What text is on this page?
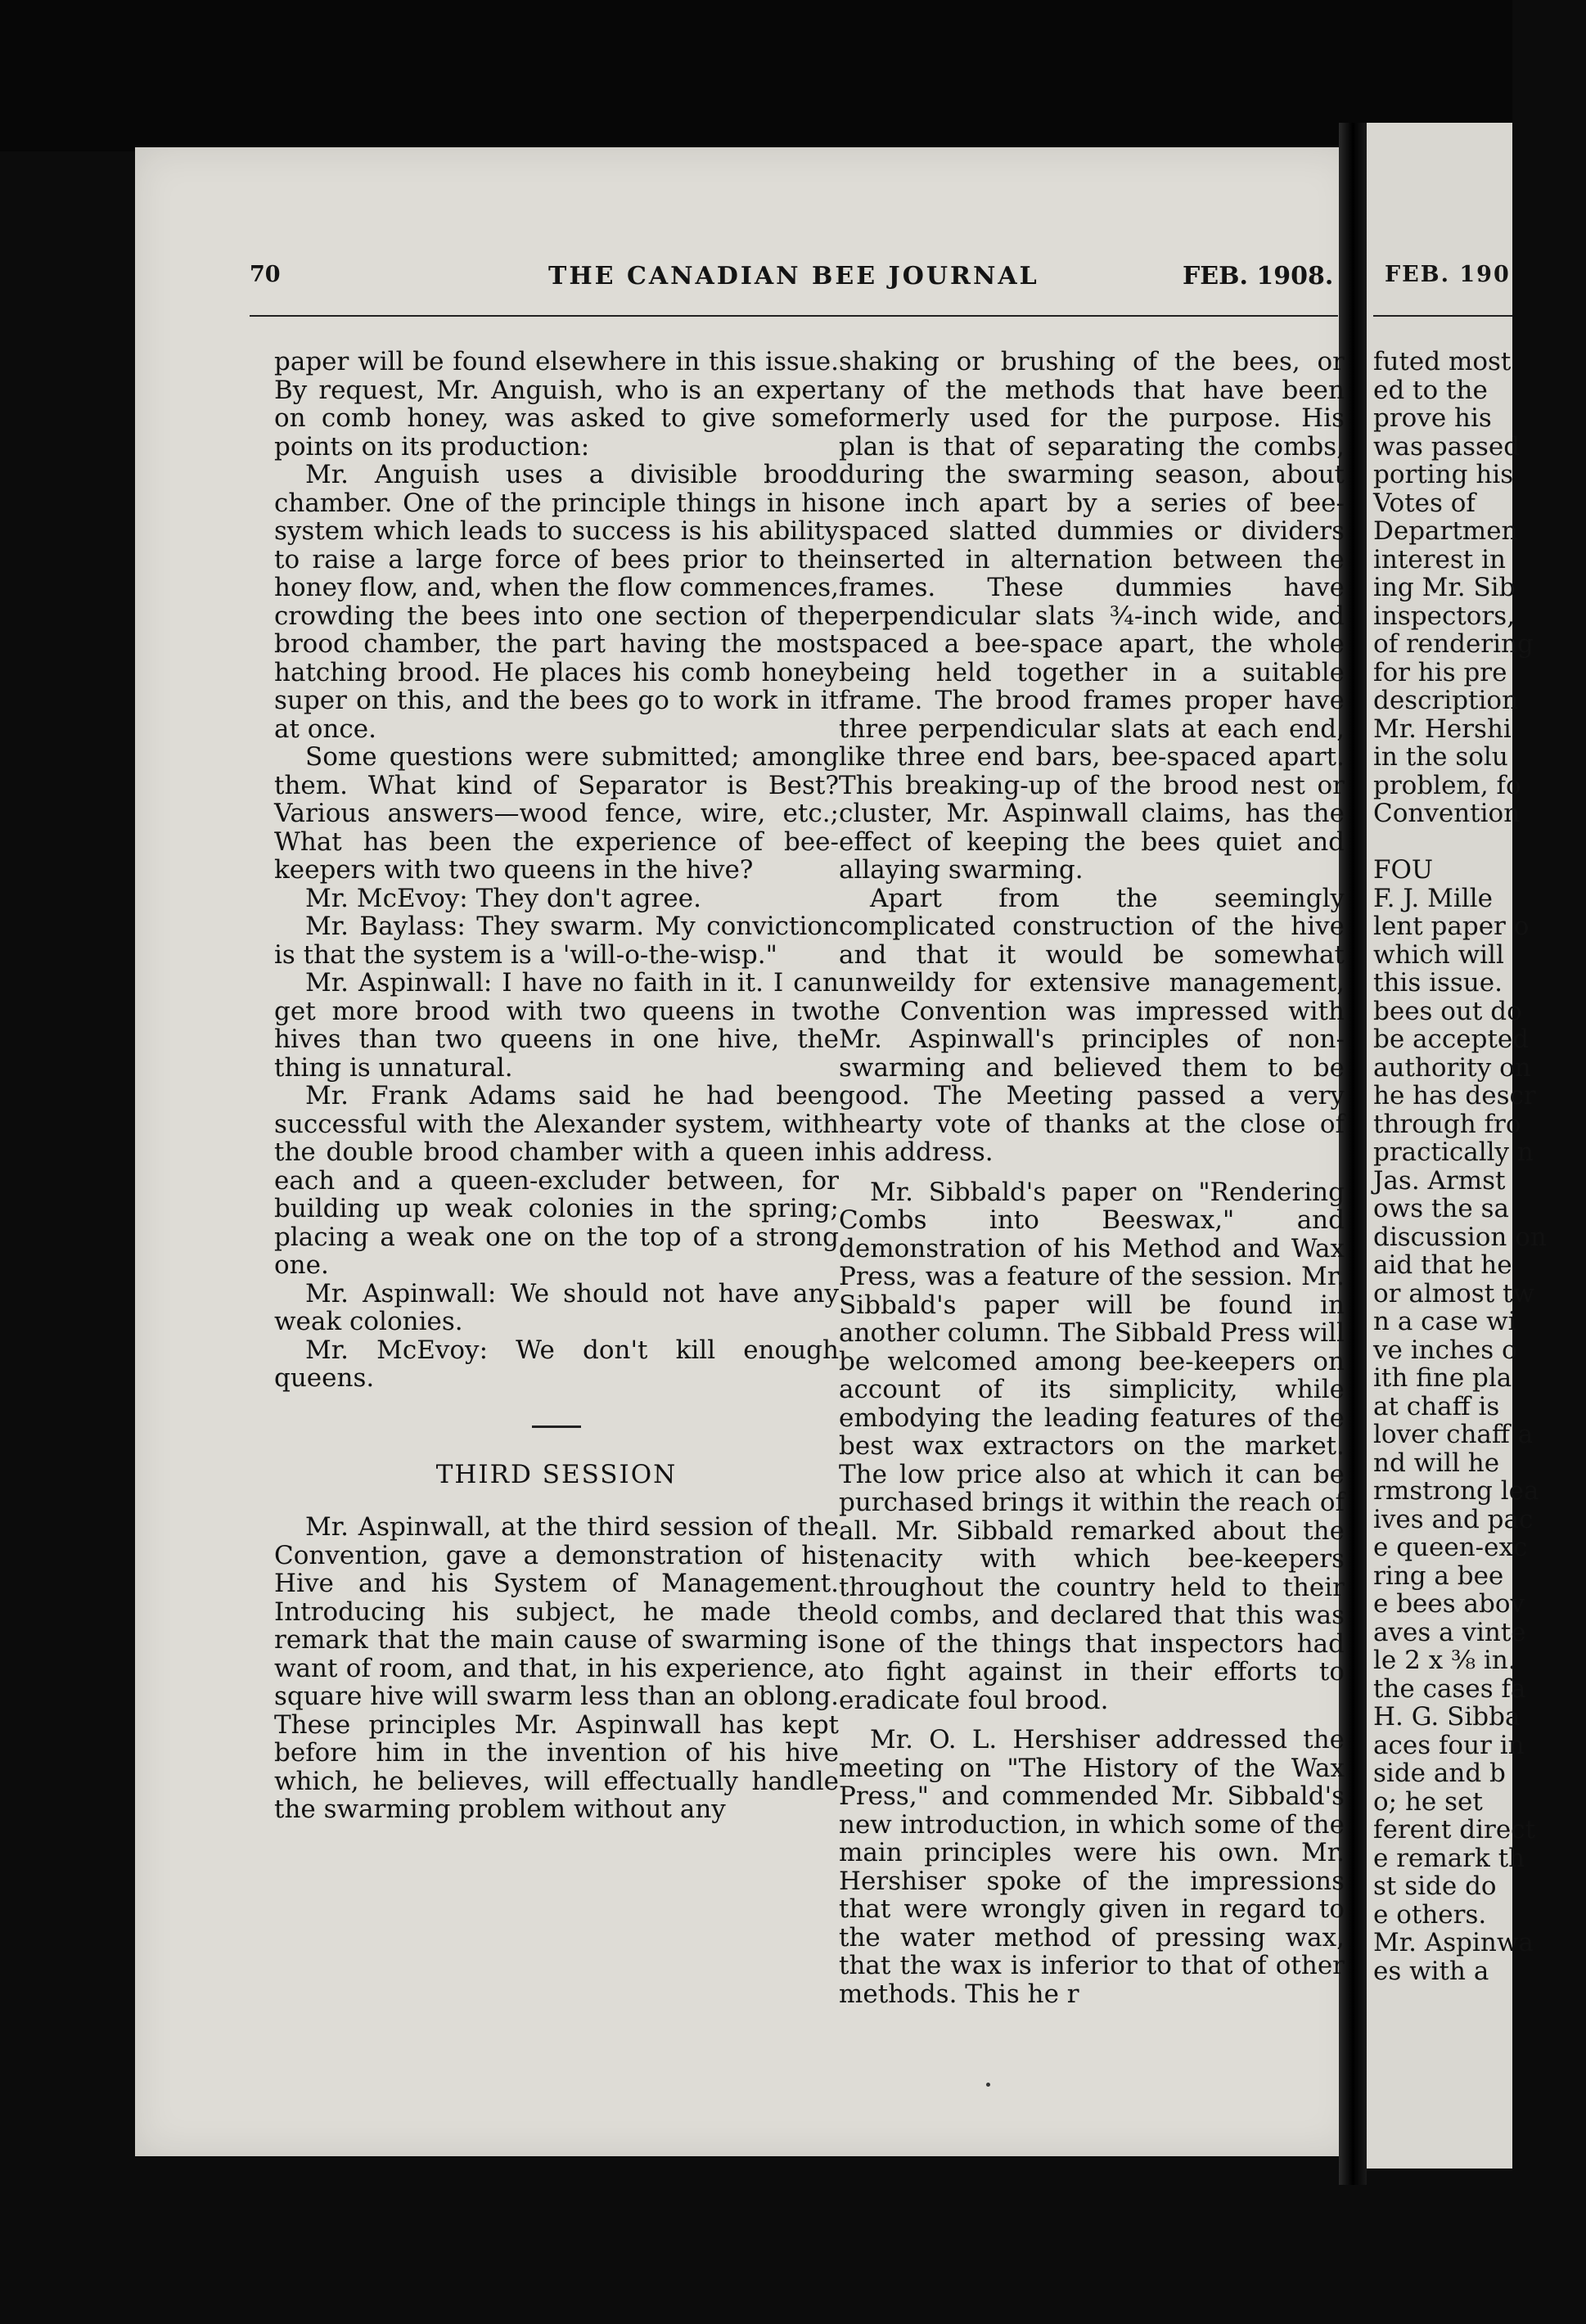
70	THE CANADIAN BEE JOURNAL	FEB. 1908. FEB. 190

paper will be found elsewhere in this issue. By request, Mr. Anguish, who is an expert on comb honey, was asked to give some points on its production:

Mr. Anguish uses a divisible brood chamber. One of the principle things in his system which leads to success is his ability to raise a large force of bees prior to the honey flow, and, when the flow commences, crowding the bees into one section of the brood chamber, the part having the most hatching brood. He places his comb honey super on this, and the bees go to work in it at once.

Some questions were submitted; among them. What kind of Separator is Best? Various answers—wood fence, wire, etc.; What has been the experience of bee-keepers with two queens in the hive?

Mr. McEvoy: They don't agree.

Mr. Baylass: They swarm. My conviction is that the system is a 'will-o-the-wisp."

Mr. Aspinwall: I have no faith in it. I can get more brood with two queens in two hives than two queens in one hive, the thing is unnatural.

Mr. Frank Adams said he had been successful with the Alexander system, with the double brood chamber with a queen in each and a queen-excluder between, for building up weak colonies in the spring; placing a weak one on the top of a strong one.

Mr. Aspinwall: We should not have any weak colonies.

Mr. McEvoy: We don't kill enough queens.

THIRD SESSION

Mr. Aspinwall, at the third session of the Convention, gave a demonstration of his Hive and his System of Management. Introducing his subject, he made the remark that the main cause of swarming is want of room, and that, in his experience, a square hive will swarm less than an oblong. These principles Mr. Aspinwall has kept before him in the invention of his hive which, he believes, will effectually handle the swarming problem without any

shaking or brushing of the bees, or any of the methods that have been formerly used for the purpose. His plan is that of separating the combs, during the swarming season, about one inch apart by a series of bee-spaced slatted dummies or dividers inserted in alternation between the frames. These dummies have perpendicular slats ¾-inch wide, and spaced a bee-space apart, the whole being held together in a suitable frame. The brood frames proper have three perpendicular slats at each end, like three end bars, bee-spaced apart. This breaking-up of the brood nest or cluster, Mr. Aspinwall claims, has the effect of keeping the bees quiet and allaying swarming.

Apart from the seemingly complicated construction of the hive and that it would be somewhat unweildy for extensive management, the Convention was impressed with Mr. Aspinwall's principles of non-swarming and believed them to be good. The Meeting passed a very hearty vote of thanks at the close of his address.

Mr. Sibbald's paper on "Rendering Combs into Beeswax," and demonstration of his Method and Wax Press, was a feature of the session. Mr. Sibbald's paper will be found in another column. The Sibbald Press will be welcomed among bee-keepers on account of its simplicity, while embodying the leading features of the best wax extractors on the market. The low price also at which it can be purchased brings it within the reach of all. Mr. Sibbald remarked about the tenacity with which bee-keepers throughout the country held to their old combs, and declared that this was one of the things that inspectors had to fight against in their efforts to eradicate foul brood.

Mr. O. L. Hershiser addressed the meeting on "The History of the Wax Press," and commended Mr. Sibbald's new introduction, in which some of the main principles were his own. Mr. Hershiser spoke of the impressions that were wrongly given in regard to the water method of pressing wax, that the wax is inferior to that of other methods. This he r

futed most
ed to the
prove his
was passed
porting his
Votes of
Departmen
interest in
ing Mr. Sib
inspectors,
of rendering
for his pre
description
Mr. Hershi
in the solu
problem, fo
Convention
FOU
F. J. Mille
lent paper o
which will
this issue.
bees out do
be accepted
authority on
he has descr
through fro
practically n
Jas. Armst
ows the sa
discussion on
aid that he
or almost tw
n a case wi
ve inches o
ith fine pla
at chaff is
lover chaff a
nd will he
rmstrong lea
ives and pac
e queen-exc
ring a bee
e bees abov
aves a vinte
le 2 x ⅜ in.
the cases fa
H. G. Sibba
aces four in
side and b
o; he set
ferent direct
e remark th
st side do
e others.
Mr. Aspinwa
es with a
